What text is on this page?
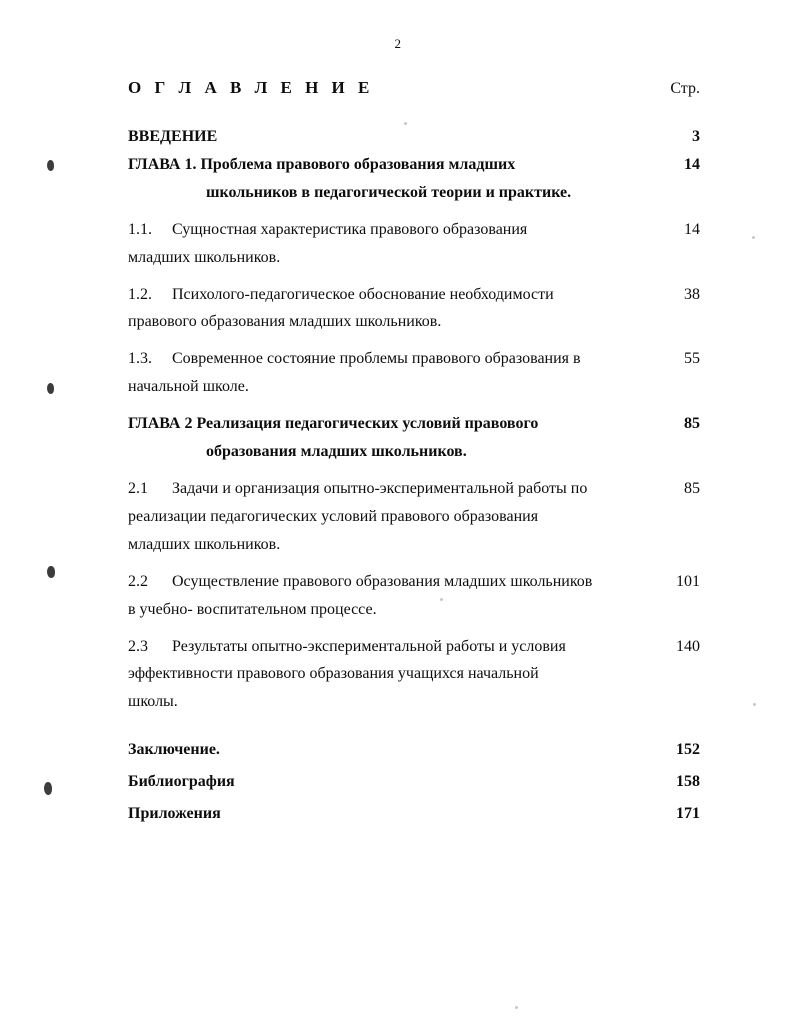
2
О Г Л А В Л Е Н И Е	Стр.
ВВЕДЕНИЕ	3
ГЛАВА 1. Проблема правового образования младших	14
школьников в педагогической теории и практике.
1.1. Сущностная характеристика правового образования	14
младших школьников.
1.2. Психолого-педагогическое обоснование необходимости	38
правового образования младших школьников.
1.3. Современное состояние проблемы правового образования в	55
начальной школе.
ГЛАВА 2 Реализация педагогических условий правового	85
образования младших школьников.
2.1 Задачи и организация опытно-экспериментальной работы по	85
реализации педагогических условий правового образования
младших школьников.
2.2 Осуществление правового образования младших школьников	101
в учебно- воспитательном процессе.
2.3 Результаты опытно-экспериментальной работы и условия	140
эффективности правового образования учащихся начальной
школы.
Заключение.	152
Библиография	158
Приложения	171
